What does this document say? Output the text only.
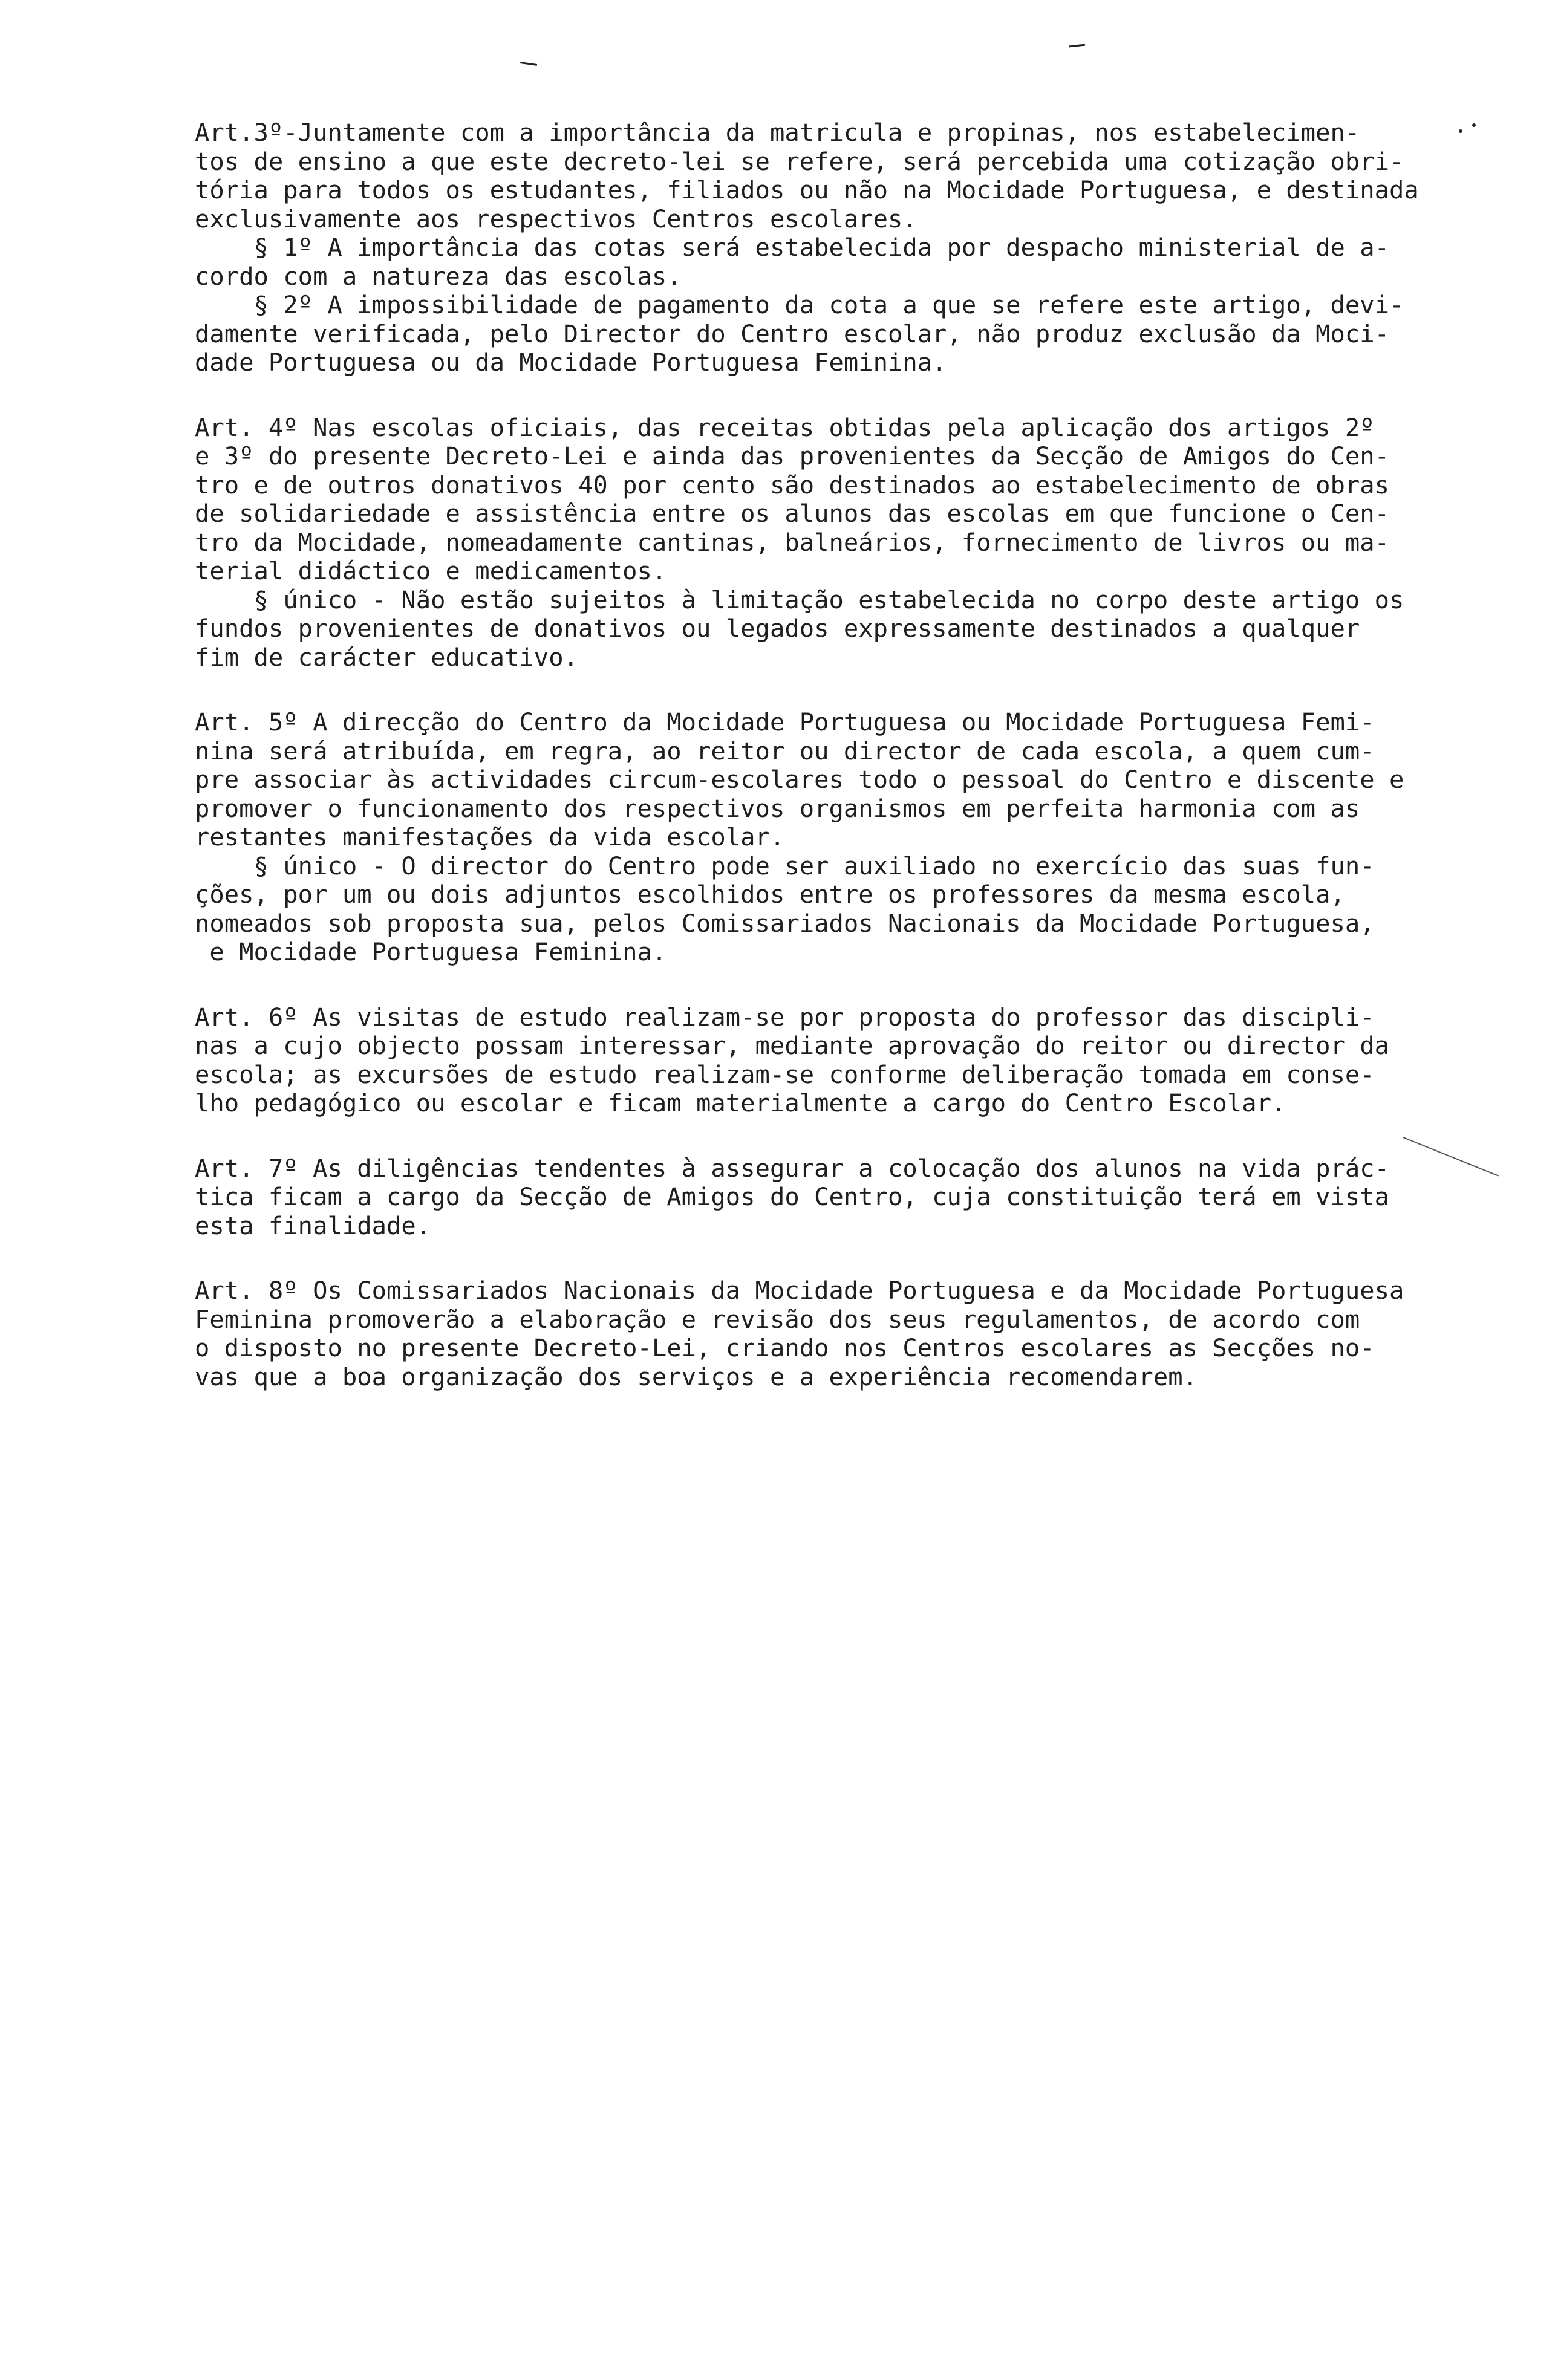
Art.3º-Juntamente com a importância da matricula e propinas, nos estabelecimen-
tos de ensino a que este decreto-lei se refere, será percebida uma cotização obri-
tória para todos os estudantes, filiados ou não na Mocidade Portuguesa, e destinada
exclusivamente aos respectivos Centros escolares.
§ 1º A importância das cotas será estabelecida por despacho ministerial de a-
cordo com a natureza das escolas.
§ 2º A impossibilidade de pagamento da cota a que se refere este artigo, devi-
damente verificada, pelo Director do Centro escolar, não produz exclusão da Moci-
dade Portuguesa ou da Mocidade Portuguesa Feminina.

Art. 4º Nas escolas oficiais, das receitas obtidas pela aplicação dos artigos 2º
e 3º do presente Decreto-Lei e ainda das provenientes da Secção de Amigos do Cen-
tro e de outros donativos 40 por cento são destinados ao estabelecimento de obras
de solidariedade e assistência entre os alunos das escolas em que funcione o Cen-
tro da Mocidade, nomeadamente cantinas, balneários, fornecimento de livros ou ma-
terial didáctico e medicamentos.
§ único - Não estão sujeitos à limitação estabelecida no corpo deste artigo os
fundos provenientes de donativos ou legados expressamente destinados a qualquer
fim de carácter educativo.

Art. 5º A direcção do Centro da Mocidade Portuguesa ou Mocidade Portuguesa Femi-
nina será atribuída, em regra, ao reitor ou director de cada escola, a quem cum-
pre associar às actividades circum-escolares todo o pessoal do Centro e discente e
promover o funcionamento dos respectivos organismos em perfeita harmonia com as
restantes manifestações da vida escolar.
§ único - O director do Centro pode ser auxiliado no exercício das suas fun-
ções, por um ou dois adjuntos escolhidos entre os professores da mesma escola,
nomeados sob proposta sua, pelos Comissariados Nacionais da Mocidade Portuguesa,
e Mocidade Portuguesa Feminina.

Art. 6º As visitas de estudo realizam-se por proposta do professor das discipli-
nas a cujo objecto possam interessar, mediante aprovação do reitor ou director da
escola; as excursões de estudo realizam-se conforme deliberação tomada em conse-
lho pedagógico ou escolar e ficam materialmente a cargo do Centro Escolar.

Art. 7º As diligências tendentes à assegurar a colocação dos alunos na vida prác-
tica ficam a cargo da Secção de Amigos do Centro, cuja constituição terá em vista
esta finalidade.

Art. 8º Os Comissariados Nacionais da Mocidade Portuguesa e da Mocidade Portuguesa
Feminina promoverão a elaboração e revisão dos seus regulamentos, de acordo com
o disposto no presente Decreto-Lei, criando nos Centros escolares as Secções no-
vas que a boa organização dos serviços e a experiência recomendarem.
